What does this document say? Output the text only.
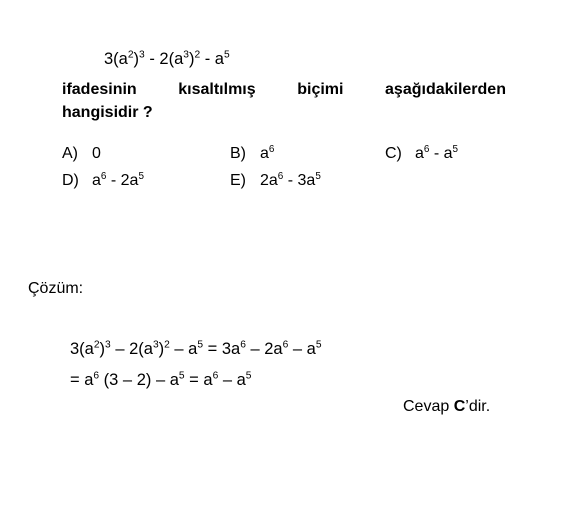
$3(a^2)^3 - 2(a^3)^2 - a^5$
ifadesinin	kısaltılmış	biçimi	aşağıdakilerden
hangisidir ?
A) 0	B) $a^6$	C) $a^6 - a^5$
D) $a^6 - 2a^5$	E) $2a^6 - 3a^5$
Çözüm:
$3(a^2)^3 - 2(a^3)^2 - a^5 = 3a^6 - 2a^6 - a^5$
= $a^6$ $(3 - 2) - a^5 = a^6 - a^5$
Cevap C’dir.
